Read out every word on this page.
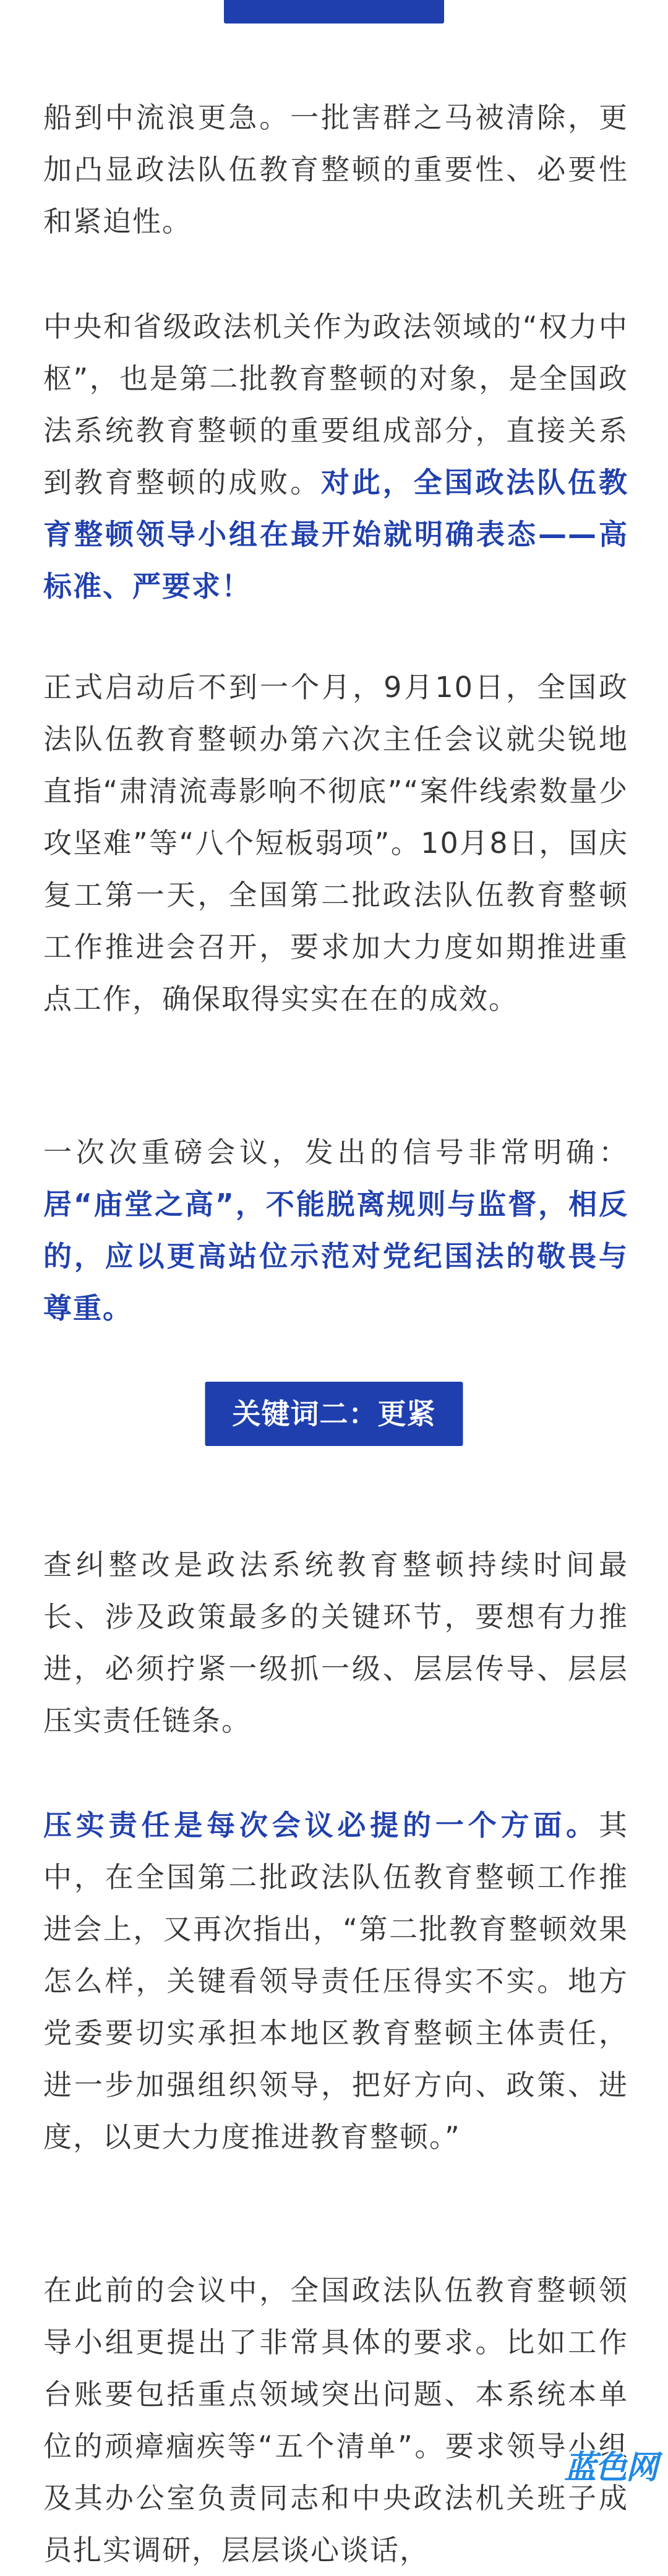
船到中流浪更急。一批害群之马被清除，更加凸显政法队伍教育整顿的重要性、必要性和紧迫性。

中央和省级政法机关作为政法领域的“权力中枢”，也是第二批教育整顿的对象，是全国政法系统教育整顿的重要组成部分，直接关系到教育整顿的成败。对此，全国政法队伍教育整顿领导小组在最开始就明确表态——高标准、严要求！

正式启动后不到一个月，9月10日，全国政法队伍教育整顿办第六次主任会议就尖锐地直指“肃清流毒影响不彻底”“案件线索数量少攻坚难”等“八个短板弱项”。10月8日，国庆复工第一天，全国第二批政法队伍教育整顿工作推进会召开，要求加大力度如期推进重点工作，确保取得实实在在的成效。

一次次重磅会议，发出的信号非常明确：居“庙堂之高”，不能脱离规则与监督，相反的，应以更高站位示范对党纪国法的敬畏与尊重。

关键词二：更紧

查纠整改是政法系统教育整顿持续时间最长、涉及政策最多的关键环节，要想有力推进，必须拧紧一级抓一级、层层传导、层层压实责任链条。

压实责任是每次会议必提的一个方面。其中，在全国第二批政法队伍教育整顿工作推进会上，又再次指出，“第二批教育整顿效果怎么样，关键看领导责任压得实不实。地方党委要切实承担本地区教育整顿主体责任，进一步加强组织领导，把好方向、政策、进度，以更大力度推进教育整顿。”

在此前的会议中，全国政法队伍教育整顿领导小组更提出了非常具体的要求。比如工作台账要包括重点领域突出问题、本系统本单位的顽瘴痼疾等“五个清单”。要求领导小组及其办公室负责同志和中央政法机关班子成员扎实调研，层层谈心谈话，

蓝色网
